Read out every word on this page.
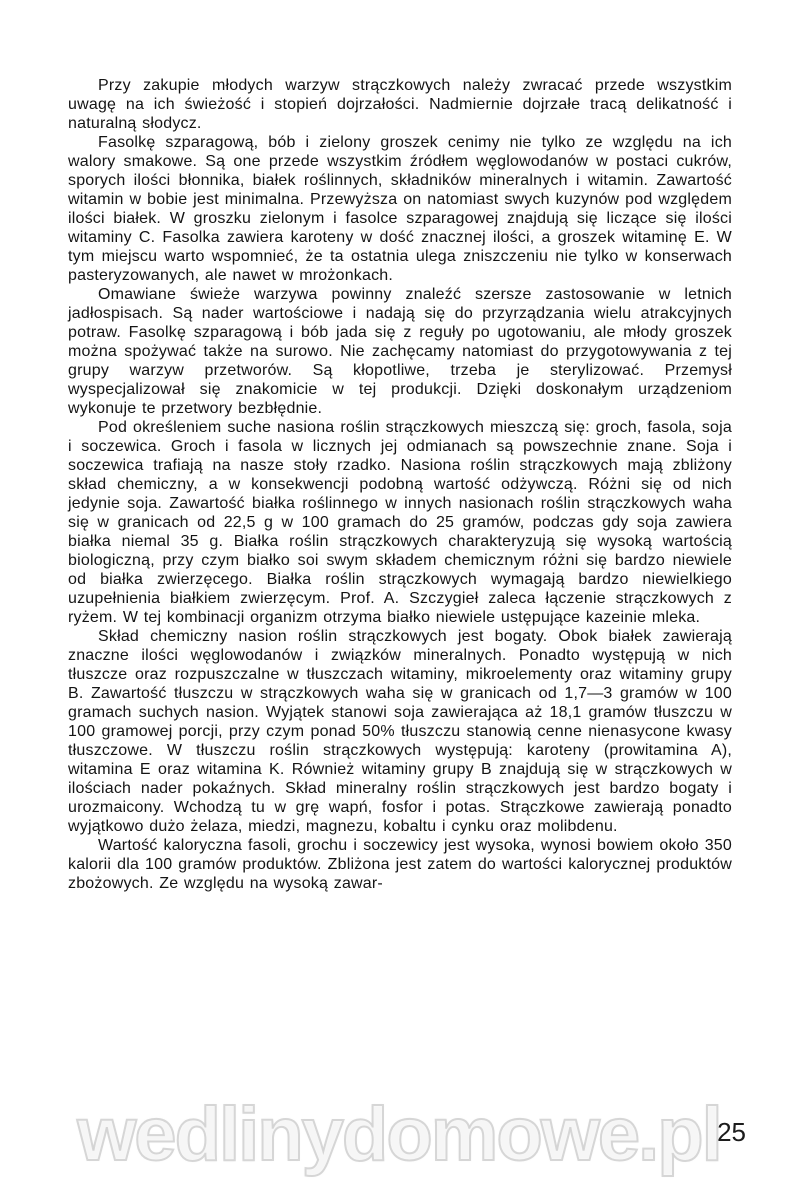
Przy zakupie młodych warzyw strączkowych należy zwracać przede wszystkim uwagę na ich świeżość i stopień dojrzałości. Nadmiernie dojrzałe tracą delikatność i naturalną słodycz.

Fasolkę szparagową, bób i zielony groszek cenimy nie tylko ze względu na ich walory smakowe. Są one przede wszystkim źródłem węglowodanów w postaci cukrów, sporych ilości błonnika, białek roślinnych, składników mineralnych i witamin. Zawartość witamin w bobie jest minimalna. Przewyższa on natomiast swych kuzynów pod względem ilości białek. W groszku zielonym i fasolce szparagowej znajdują się liczące się ilości witaminy C. Fasolka zawiera karoteny w dość znacznej ilości, a groszek witaminę E. W tym miejscu warto wspomnieć, że ta ostatnia ulega zniszczeniu nie tylko w konserwach pasteryzowanych, ale nawet w mrożonkach.

Omawiane świeże warzywa powinny znaleźć szersze zastosowanie w letnich jadłospisach. Są nader wartościowe i nadają się do przyrządzania wielu atrakcyjnych potraw. Fasolkę szparagową i bób jada się z reguły po ugotowaniu, ale młody groszek można spożywać także na surowo. Nie zachęcamy natomiast do przygotowywania z tej grupy warzyw przetworów. Są kłopotliwe, trzeba je sterylizować. Przemysł wyspecjalizował się znakomicie w tej produkcji. Dzięki doskonałym urządzeniom wykonuje te przetwory bezbłędnie.

Pod określeniem suche nasiona roślin strączkowych mieszczą się: groch, fasola, soja i soczewica. Groch i fasola w licznych jej odmianach są powszechnie znane. Soja i soczewica trafiają na nasze stoły rzadko. Nasiona roślin strączkowych mają zbliżony skład chemiczny, a w konsekwencji podobną wartość odżywczą. Różni się od nich jedynie soja. Zawartość białka roślinnego w innych nasionach roślin strączkowych waha się w granicach od 22,5 g w 100 gramach do 25 gramów, podczas gdy soja zawiera białka niemal 35 g. Białka roślin strączkowych charakteryzują się wysoką wartością biologiczną, przy czym białko soi swym składem chemicznym różni się bardzo niewiele od białka zwierzęcego. Białka roślin strączkowych wymagają bardzo niewielkiego uzupełnienia białkiem zwierzęcym. Prof. A. Szczygieł zaleca łączenie strączkowych z ryżem. W tej kombinacji organizm otrzyma białko niewiele ustępujące kazeinie mleka.

Skład chemiczny nasion roślin strączkowych jest bogaty. Obok białek zawierają znaczne ilości węglowodanów i związków mineralnych. Ponadto występują w nich tłuszcze oraz rozpuszczalne w tłuszczach witaminy, mikroelementy oraz witaminy grupy B. Zawartość tłuszczu w strączkowych waha się w granicach od 1,7—3 gramów w 100 gramach suchych nasion. Wyjątek stanowi soja zawierająca aż 18,1 gramów tłuszczu w 100 gramowej porcji, przy czym ponad 50% tłuszczu stanowią cenne nienasycone kwasy tłuszczowe. W tłuszczu roślin strączkowych występują: karoteny (prowitamina A), witamina E oraz witamina K. Również witaminy grupy B znajdują się w strączkowych w ilościach nader pokaźnych. Skład mineralny roślin strączkowych jest bardzo bogaty i urozmaicony. Wchodzą tu w grę wapń, fosfor i potas. Strączkowe zawierają ponadto wyjątkowo dużo żelaza, miedzi, magnezu, kobaltu i cynku oraz molibdenu.

Wartość kaloryczna fasoli, grochu i soczewicy jest wysoka, wynosi bowiem około 350 kalorii dla 100 gramów produktów. Zbliżona jest zatem do wartości kalorycznej produktów zbożowych. Ze względu na wysoką zawar-

wedlinydomowe.pl
25
